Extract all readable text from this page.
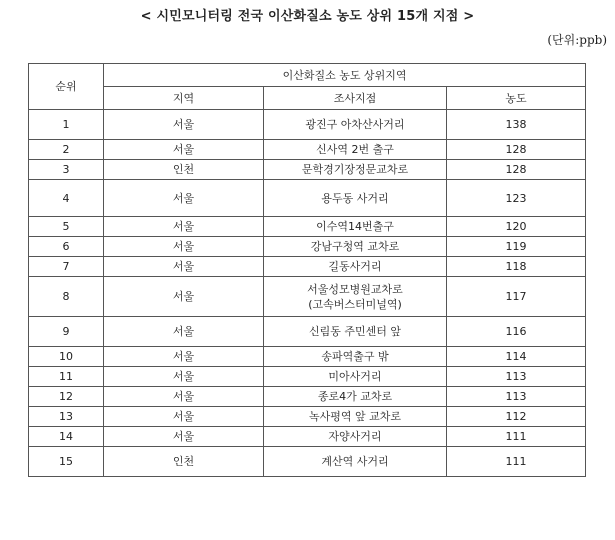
< 시민모니터링 전국 이산화질소 농도 상위 15개 지점 >
(단위:ppb)
순위	이산화질소 농도 상위지역		
	지역	조사지점	농도
1	서울	광진구 아차산사거리	138
2	서울	신사역 2번 출구	128
3	인천	문학경기장정문교차로	128
4	서울	용두동 사거리	123
5	서울	이수역14번출구	120
6	서울	강남구청역 교차로	119
7	서울	길동사거리	118
8	서울	서울성모병원교차로
(고속버스터미널역)	117
9	서울	신림동 주민센터 앞	116
10	서울	송파역출구 밖	114
11	서울	미아사거리	113
12	서울	종로4가 교차로	113
13	서울	녹사평역 앞 교차로	112
14	서울	자양사거리	111
15	인천	계산역 사거리	111
